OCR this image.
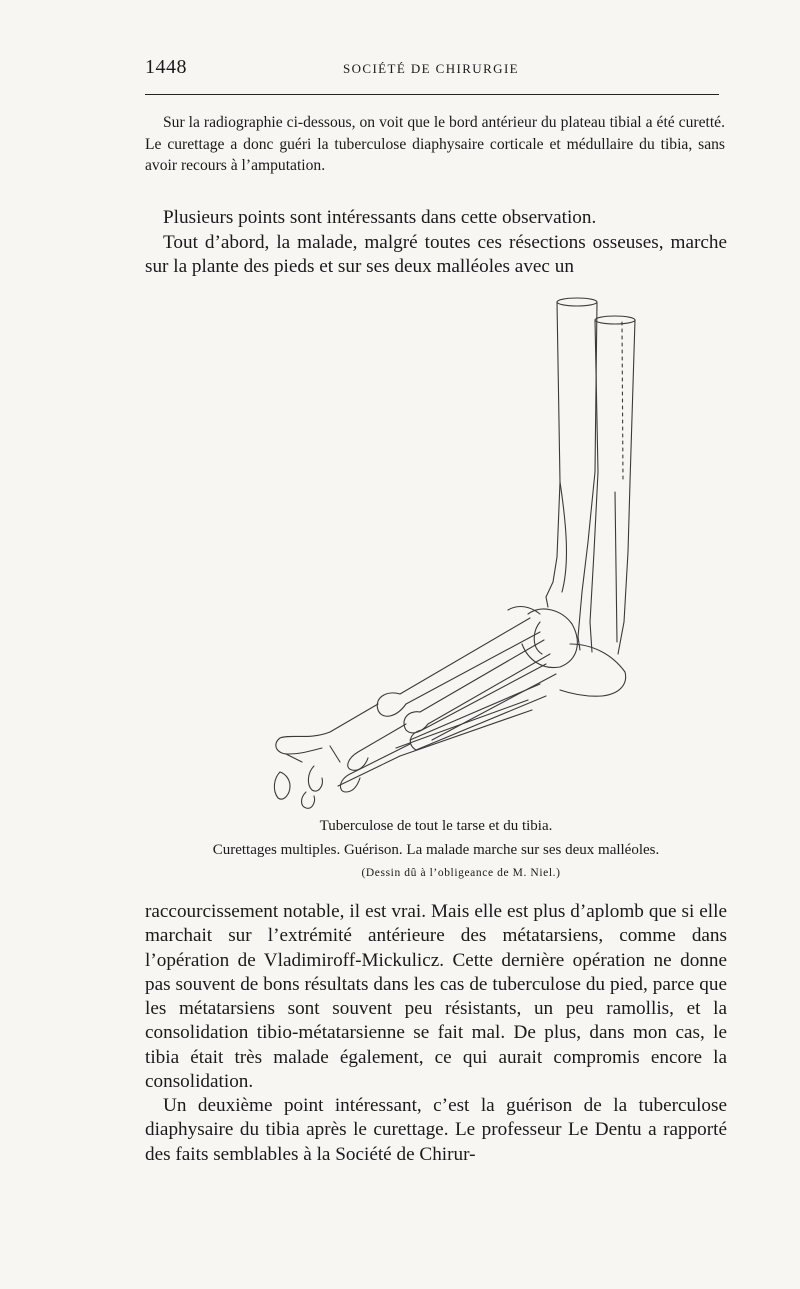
1448	SOCIÉTÉ DE CHIRURGIE
Sur la radiographie ci-dessous, on voit que le bord antérieur du plateau tibial a été curetté. Le curettage a donc guéri la tuberculose diaphysaire corticale et médullaire du tibia, sans avoir recours à l’amputation.
Plusieurs points sont intéressants dans cette observation.
Tout d’abord, la malade, malgré toutes ces résections osseuses, marche sur la plante des pieds et sur ses deux malléoles avec un
Tuberculose de tout le tarse et du tibia.
Curettages multiples. Guérison. La malade marche sur ses deux malléoles.
(Dessin dû à l’obligeance de M. Niel.)
raccourcissement notable, il est vrai. Mais elle est plus d’aplomb que si elle marchait sur l’extrémité antérieure des métatarsiens, comme dans l’opération de Vladimiroff-Mickulicz. Cette dernière opération ne donne pas souvent de bons résultats dans les cas de tuberculose du pied, parce que les métatarsiens sont souvent peu résistants, un peu ramollis, et la consolidation tibio-métatarsienne se fait mal. De plus, dans mon cas, le tibia était très malade également, ce qui aurait compromis encore la consolidation.
Un deuxième point intéressant, c’est la guérison de la tuberculose diaphysaire du tibia après le curettage. Le professeur Le Dentu a rapporté des faits semblables à la Société de Chirur-
